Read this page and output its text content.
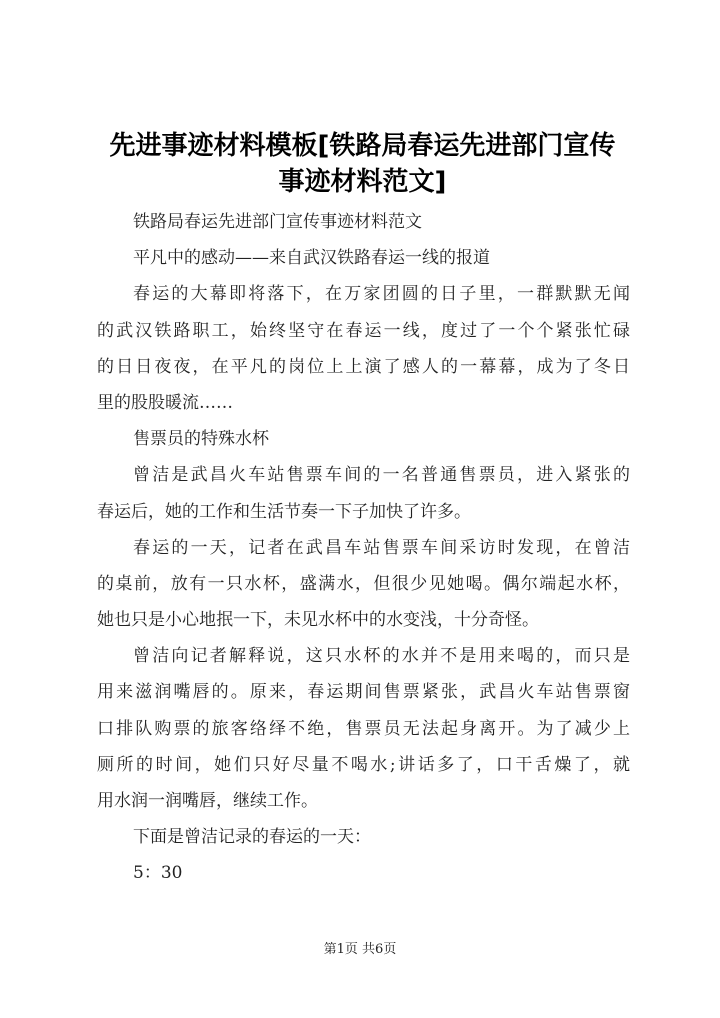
先进事迹材料模板[铁路局春运先进部门宣传
事迹材料范文]
铁路局春运先进部门宣传事迹材料范文
平凡中的感动——来自武汉铁路春运一线的报道
春运的大幕即将落下，在万家团圆的日子里，一群默默无闻
的武汉铁路职工，始终坚守在春运一线，度过了一个个紧张忙碌
的日日夜夜，在平凡的岗位上上演了感人的一幕幕，成为了冬日
里的股股暖流……
售票员的特殊水杯
曾洁是武昌火车站售票车间的一名普通售票员，进入紧张的
春运后，她的工作和生活节奏一下子加快了许多。
春运的一天，记者在武昌车站售票车间采访时发现，在曾洁
的桌前，放有一只水杯，盛满水，但很少见她喝。偶尔端起水杯，
她也只是小心地抿一下，未见水杯中的水变浅，十分奇怪。
曾洁向记者解释说，这只水杯的水并不是用来喝的，而只是
用来滋润嘴唇的。原来，春运期间售票紧张，武昌火车站售票窗
口排队购票的旅客络绎不绝，售票员无法起身离开。为了减少上
厕所的时间，她们只好尽量不喝水;讲话多了，口干舌燥了，就
用水润一润嘴唇，继续工作。
下面是曾洁记录的春运的一天：
5：30
第1页 共6页
